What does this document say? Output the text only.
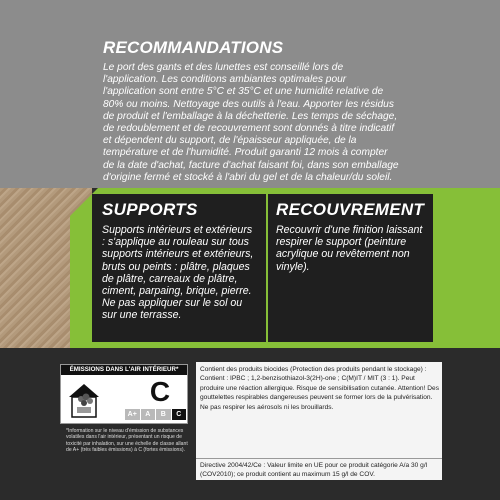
RECOMMANDATIONS

Le port des gants et des lunettes est conseillé lors de l'application. Les conditions ambiantes optimales pour l'application sont entre 5°C et 35°C et une humidité relative de 80% ou moins. Nettoyage des outils à l'eau. Apporter les résidus de produit et l'emballage à la déchetterie. Les temps de séchage, de redoublement et de recouvrement sont donnés à titre indicatif et dépendent du support, de l'épaisseur appliquée, de la température et de l'humidité. Produit garanti 12 mois à compter de la date d'achat, facture d'achat faisant foi, dans son emballage d'origine fermé et stocké à l'abri du gel et de la chaleur/du soleil.

SUPPORTS
Supports intérieurs et extérieurs : s'applique au rouleau sur tous supports intérieurs et extérieurs, bruts ou peints : plâtre, plaques de plâtre, carreaux de plâtre, ciment, parpaing, brique, pierre. Ne pas appliquer sur le sol ou sur une terrasse.
RECOUVREMENT
Recouvrir d'une finition laissant respirer le support (peinture acrylique ou revêtement non vinyle).
ÉMISSIONS DANS L'AIR INTÉRIEUR*
C
A+	A	B	C
*Information sur le niveau d'émission de substances volatiles dans l'air intérieur, présentant un risque de toxicité par inhalation, sur une échelle de classe allant de A+ (très faibles émissions) à C (fortes émissions).
Contient des produits biocides (Protection des produits pendant le stockage) : Contient : IPBC ; 1,2-benzisothiazol-3(2H)-one ; C(M)IT / MIT (3 : 1). Peut produire une réaction allergique. Risque de sensibilisation cutanée. Attention! Des gouttelettes respirables dangereuses peuvent se former lors de la pulvérisation. Ne pas respirer les aérosols ni les brouillards.
Directive 2004/42/Ce : Valeur limite en UE pour ce produit catégorie A/a 30 g/l (COV2010); ce produit contient au maximum 15 g/l de COV.
